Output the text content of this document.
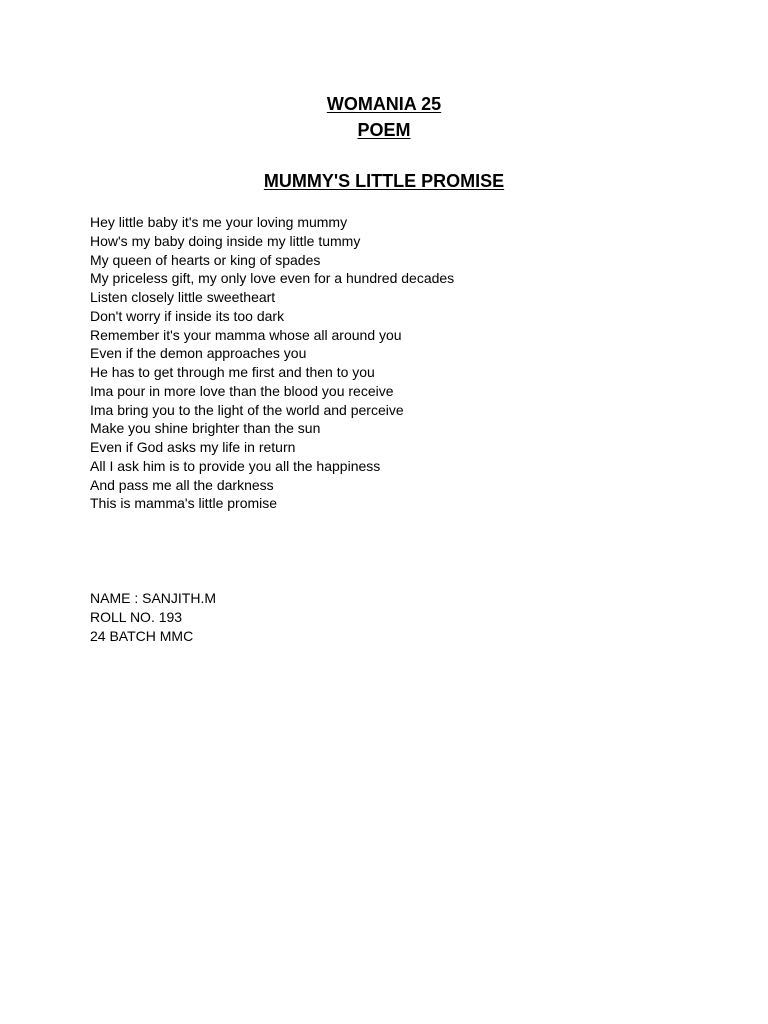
WOMANIA 25
POEM
MUMMY'S LITTLE PROMISE
Hey little baby it's me your loving mummy
How's my baby doing inside my little tummy
My queen of hearts or king of spades
My priceless gift, my only love even for a hundred decades
Listen closely little sweetheart
Don't worry if inside its too dark
Remember it's your mamma whose all around you
Even if the demon approaches you
He has to get through me first and then to you
Ima pour in more love than the blood you receive
Ima bring you to the light of the world and perceive
Make you shine brighter than the sun
Even if God asks my life in return
All I ask him is to provide you all the happiness
And pass me all the darkness
This is mamma's little promise
NAME : SANJITH.M
ROLL NO. 193
24 BATCH MMC
